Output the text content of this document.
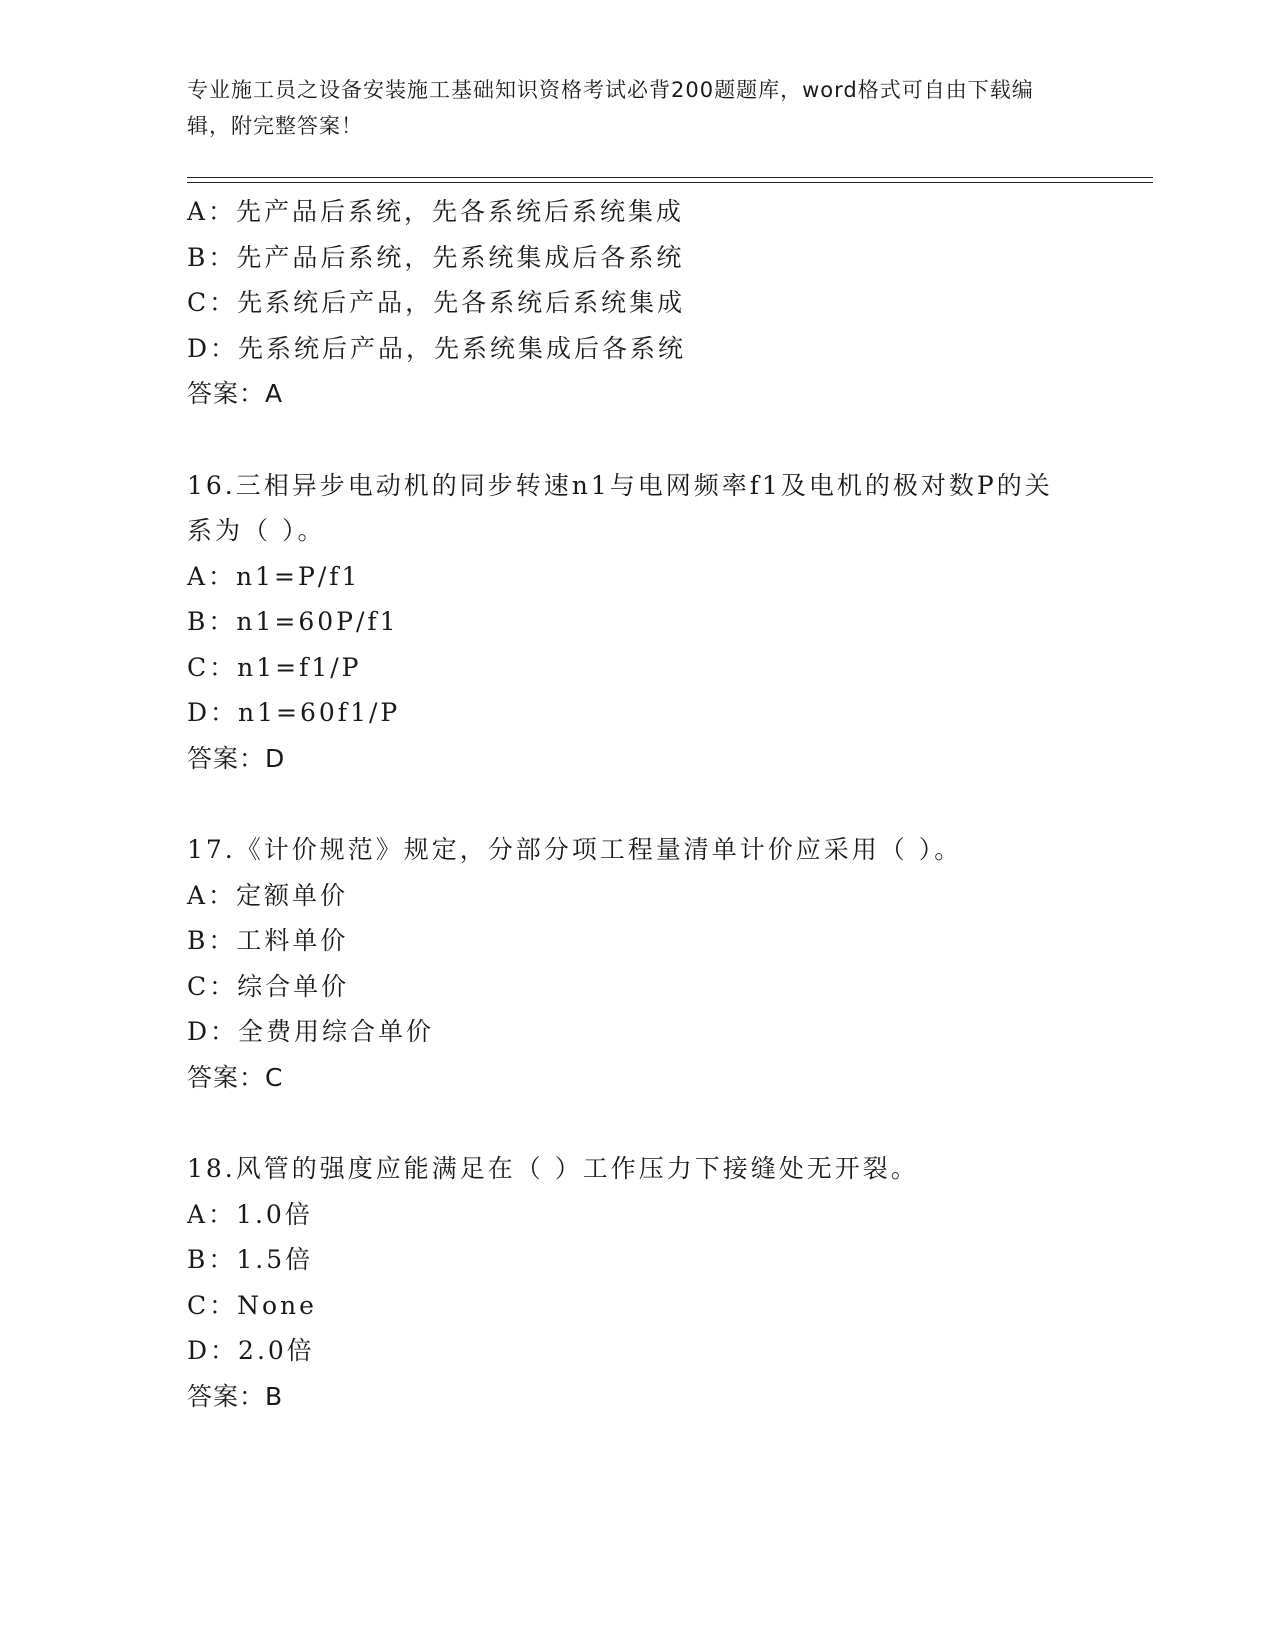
专业施工员之设备安装施工基础知识资格考试必背200题题库，word格式可自由下载编辑，附完整答案！
A：先产品后系统，先各系统后系统集成
B：先产品后系统，先系统集成后各系统
C：先系统后产品，先各系统后系统集成
D：先系统后产品，先系统集成后各系统
答案：A
16.三相异步电动机的同步转速n1与电网频率f1及电机的极对数P的关系为（ ）。
A：n1=P/f1
B：n1=60P/f1
C：n1=f1/P
D：n1=60f1/P
答案：D
17.《计价规范》规定，分部分项工程量清单计价应采用（ ）。
A：定额单价
B：工料单价
C：综合单价
D：全费用综合单价
答案：C
18.风管的强度应能满足在（ ）工作压力下接缝处无开裂。
A：1.0倍
B：1.5倍
C：None
D：2.0倍
答案：B
